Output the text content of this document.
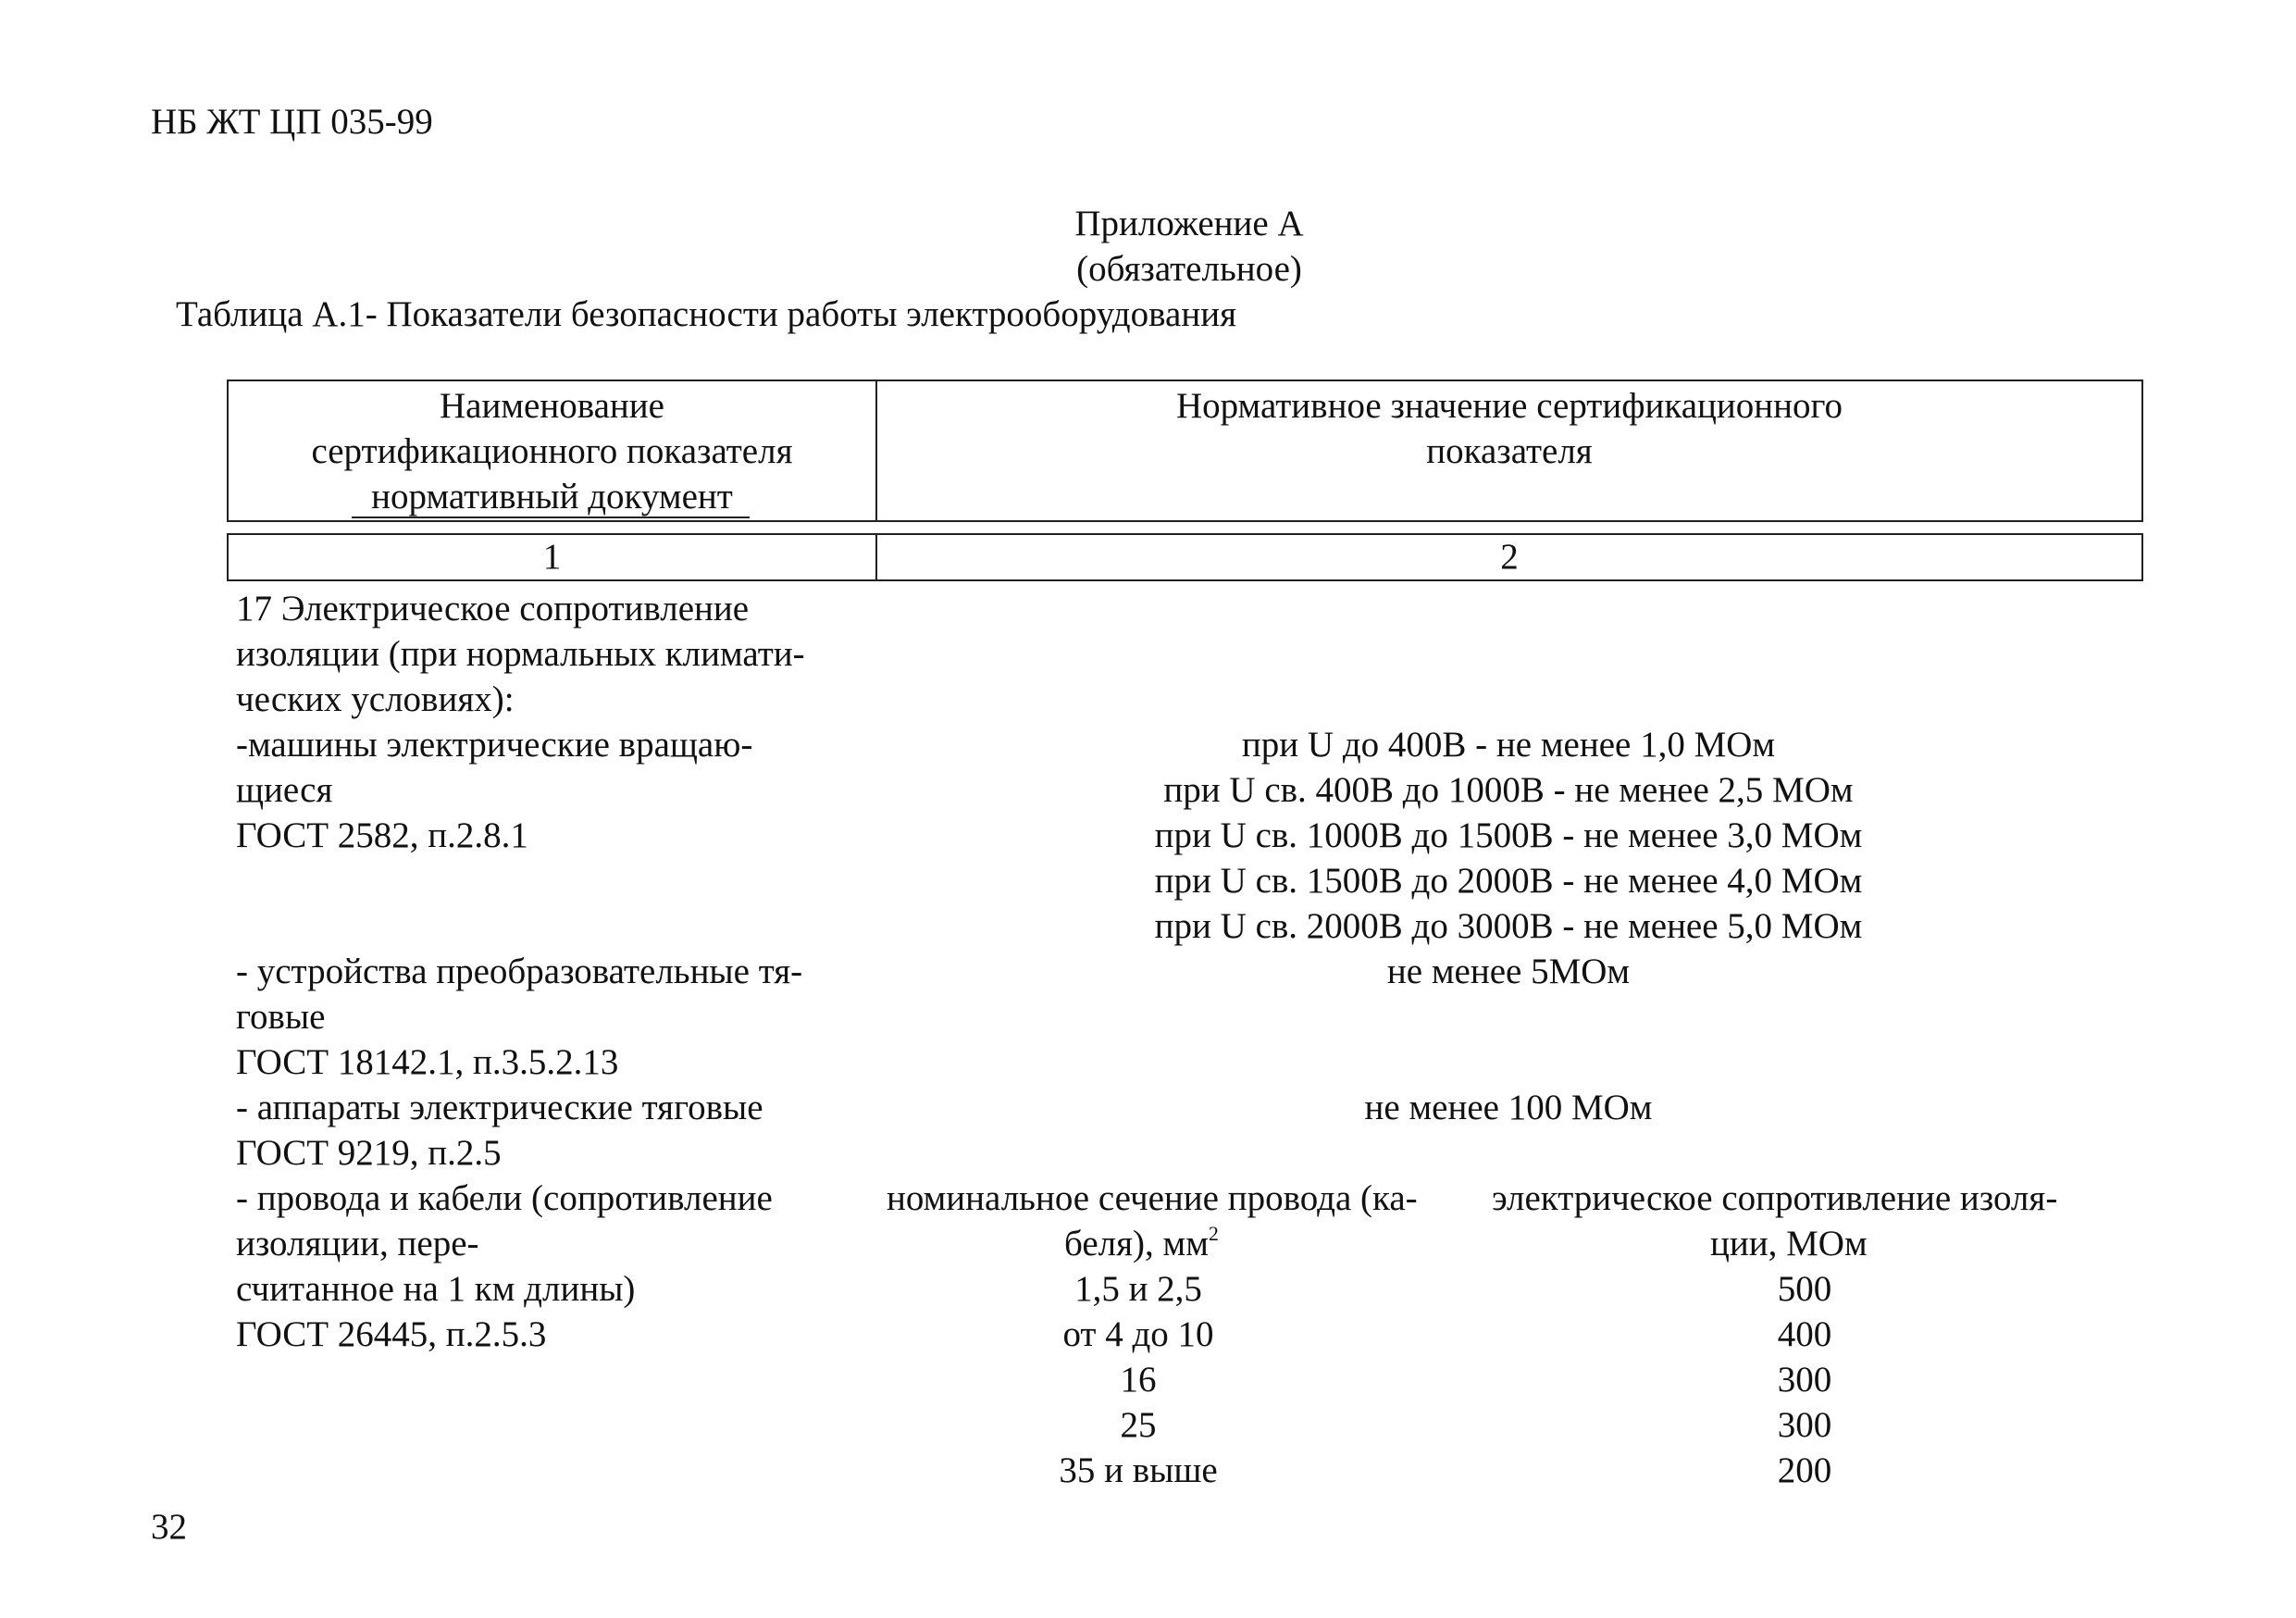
НБ ЖТ ЦП 035-99
Приложение А
(обязательное)
Таблица А.1- Показатели безопасности работы электрооборудования
Наименование
сертификационного показателя
нормативный документ
Нормативное значение сертификационного
показателя
1	2
17 Электрическое сопротивление
изоляции (при нормальных климати-
ческих условиях):
-машины электрические вращаю-
щиеся
ГОСТ 2582, п.2.8.1
- устройства преобразовательные тя-
говые
ГОСТ 18142.1, п.3.5.2.13
- аппараты электрические тяговые
ГОСТ 9219, п.2.5
- провода и кабели (сопротивление
изоляции, пере-
считанное на 1 км длины)
ГОСТ 26445, п.2.5.3
при U до 400В - не менее 1,0 МОм
при U св. 400В до 1000В - не менее 2,5 МОм
при U св. 1000В до 1500В - не менее 3,0 МОм
при U св. 1500В до 2000В - не менее 4,0 МОм
при U св. 2000В до 3000В - не менее 5,0 МОм
не менее 5МОм
не менее 100 МОм
номинальное сечение провода (ка-
беля), $мм^2$
электрическое сопротивление изоля-
ции, МОм
1,5 и 2,5
от 4 до 10
16
25
35 и выше
500
400
300
300
200
32
